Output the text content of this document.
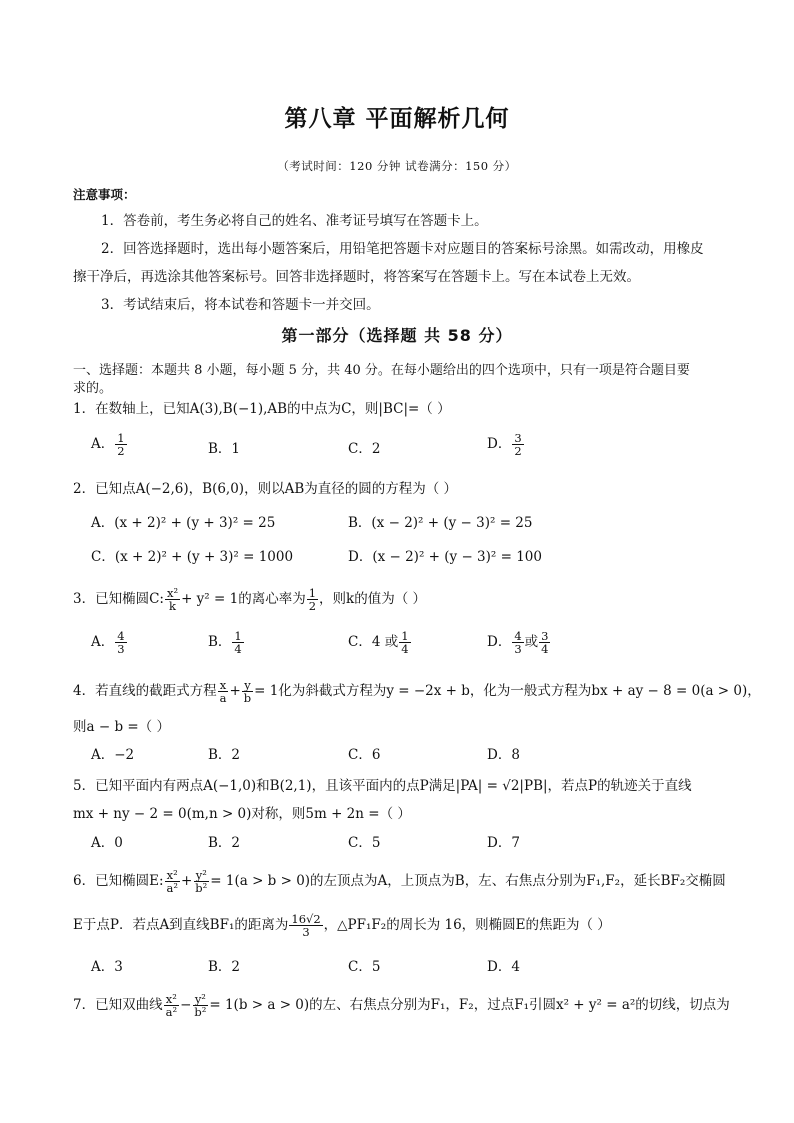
第八章 平面解析几何
（考试时间：120 分钟 试卷满分：150 分）
注意事项：
1．答卷前，考生务必将自己的姓名、准考证号填写在答题卡上。
2．回答选择题时，选出每小题答案后，用铅笔把答题卡对应题目的答案标号涂黑。如需改动，用橡皮
擦干净后，再选涂其他答案标号。回答非选择题时，将答案写在答题卡上。写在本试卷上无效。
3．考试结束后，将本试卷和答题卡一并交回。
第一部分（选择题 共 58 分）
一、选择题：本题共 8 小题，每小题 5 分，共 40 分。在每小题给出的四个选项中，只有一项是符合题目要
求的。
1．在数轴上，已知A(3),B(−1),AB的中点为C，则|BC|=（ ）
A． $\frac{1}{2}$	B．1	C．2	D． $\frac{3}{2}$
2．已知点A(−2,6)，B(6,0)，则以AB为直径的圆的方程为（ ）
A．(x + 2)² + (y + 3)² = 25	B．(x − 2)² + (y − 3)² = 25
C．(x + 2)² + (y + 3)² = 1000	D．(x − 2)² + (y − 3)² = 100
3．已知椭圆C: $\frac{\text{x²}}{k} + y^2 = 1$的离心率为 $\frac{1}{2}$ ，则k的值为（ ）
A． $\frac{4}{3}$	B． $\frac{1}{4}$	C．4 或 $\frac{1}{4}$	D． $\frac{4}{3}$ 或 $\frac{3}{4}$
4．若直线的截距式方程 $\frac{x}{a} + \frac{y}{b} = 1$化为斜截式方程为y = −2x + b，化为一般式方程为bx + ay − 8 = 0(a > 0)，
则a − b =（ ）
A．−2	B．2	C．6	D．8
5．已知平面内有两点A(−1,0)和B(2,1)，且该平面内的点P满足|PA| = √2|PB|，若点P的轨迹关于直线
mx + ny − 2 = 0(m,n > 0)对称，则5m + 2n =（ ）
A．0	B．2	C．5	D．7
6．已知椭圆E: $\frac{\text{x²}}{\text{a²}} + \frac{\text{y²}}{\text{b²}} = 1(a > b > 0)$的左顶点为A，上顶点为B，左、右焦点分别为F₁,F₂，延长BF₂交椭圆
E于点P．若点A到直线BF₁的距离为 $\frac{16√2}{3}$ ，△PF₁F₂的周长为 16，则椭圆E的焦距为（ ）
A．3	B．2	C．5	D．4
7．已知双曲线 $\frac{\text{x²}}{\text{a²}} - \frac{\text{y²}}{\text{b²}} = 1(b > a > 0)$的左、右焦点分别为F₁，F₂，过点F₁引圆x² + y² = a²的切线，切点为
